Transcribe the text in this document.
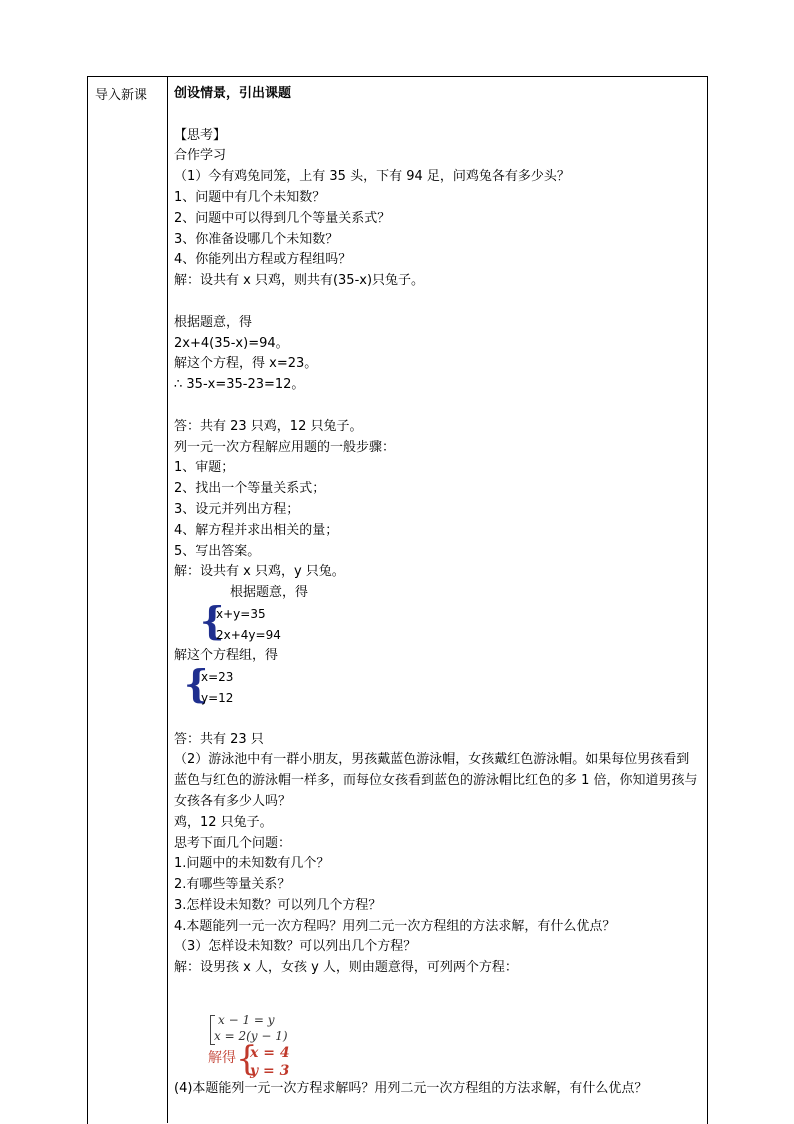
导入新课 创设情景，引出课题
【思考】
合作学习
（1）今有鸡兔同笼，上有 35 头，下有 94 足，问鸡兔各有多少头？
1、问题中有几个未知数？
2、问题中可以得到几个等量关系式？
3、你准备设哪几个未知数？
4、你能列出方程或方程组吗？
解：设共有 x 只鸡，则共有(35-x)只兔子。
根据题意，得
2x+4(35-x)=94。
解这个方程，得 x=23。
∴ 35-x=35-23=12。
答：共有 23 只鸡，12 只兔子。
列一元一次方程解应用题的一般步骤：
1、审题；
2、找出一个等量关系式；
3、设元并列出方程；
4、解方程并求出相关的量；
5、写出答案。
解：设共有 x 只鸡，y 只兔。
根据题意，得
{
x+y=35
2x+4y=94
解这个方程组，得
{
x=23
y=12
答：共有 23 只
（2）游泳池中有一群小朋友，男孩戴蓝色游泳帽，女孩戴红色游泳帽。如果每位男孩看到蓝色与红色的游泳帽一样多，而每位女孩看到蓝色的游泳帽比红色的多 1 倍，你知道男孩与女孩各有多少人吗？
鸡，12 只兔子。
思考下面几个问题：
1.问题中的未知数有几个？
2.有哪些等量关系？
3.怎样设未知数？可以列几个方程？
4.本题能列一元一次方程吗？用列二元一次方程组的方法求解，有什么优点？
（3）怎样设未知数？可以列出几个方程？
解：设男孩 x 人，女孩 y 人，则由题意得，可列两个方程：
x − 1 = y
x = 2(y − 1)
解得 {
x = 4
y = 3
(4)本题能列一元一次方程求解吗？用列二元一次方程组的方法求解，有什么优点？
